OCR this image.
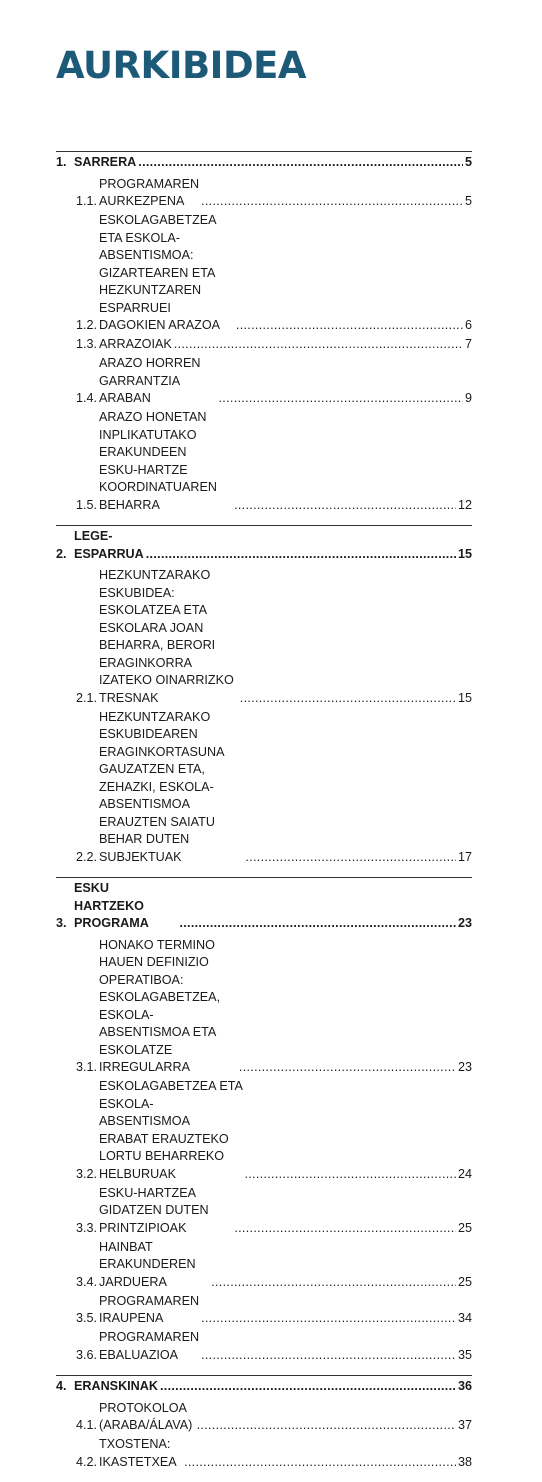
AURKIBIDEA
1. SARRERA . . .	5
1.1.
PROGRAMAREN AURKEZPENA . . .	5
1.2.
ESKOLAGABETZEA ETA ESKOLA-ABSENTISMOA:
GIZARTEAREN ETA HEZKUNTZAREN ESPARRUEI
DAGOKIEN ARAZOA . . .	6
1.3. ARRAZOIAK . . .	7
1.4.
ARAZO HORREN GARRANTZIA ARABAN . . .	9
1.5.
ARAZO HONETAN INPLIKATUTAKO ERAKUNDEEN
ESKU-HARTZE KOORDINATUAREN BEHARRA . . .	12
2.
LEGE-ESPARRUA . . .	15
2.1.
HEZKUNTZARAKO ESKUBIDEA: ESKOLATZEA ETA
ESKOLARA JOAN BEHARRA, BERORI ERAGINKORRA
IZATEKO OINARRIZKO TRESNAK . . .	15
2.2.
HEZKUNTZARAKO ESKUBIDEAREN ERAGINKORTASUNA
GAUZATZEN ETA, ZEHAZKI, ESKOLA-ABSENTISMOA
ERAUZTEN SAIATU BEHAR DUTEN SUBJEKTUAK . . .	17
3.
ESKU HARTZEKO PROGRAMA . . .	23
3.1.
HONAKO TERMINO HAUEN DEFINIZIO OPERATIBOA:
ESKOLAGABETZEA, ESKOLA-ABSENTISMOA ETA
ESKOLATZE IRREGULARRA . . .	23
3.2.
ESKOLAGABETZEA ETA ESKOLA-ABSENTISMOA
ERABAT ERAUZTEKO LORTU BEHARREKO HELBURUAK . . .	24
3.3.
ESKU-HARTZEA GIDATZEN DUTEN PRINTZIPIOAK . . .	25
3.4.
HAINBAT ERAKUNDEREN JARDUERA . . .	25
3.5.
PROGRAMAREN IRAUPENA . . .	34
3.6.
PROGRAMAREN EBALUAZIOA . . .	35
4. ERANSKINAK . . .	36
4.1.
PROTOKOLOA (ARABA/ÁLAVA) . . .	37
4.2.
TXOSTENA: IKASTETXEA . . .	38
